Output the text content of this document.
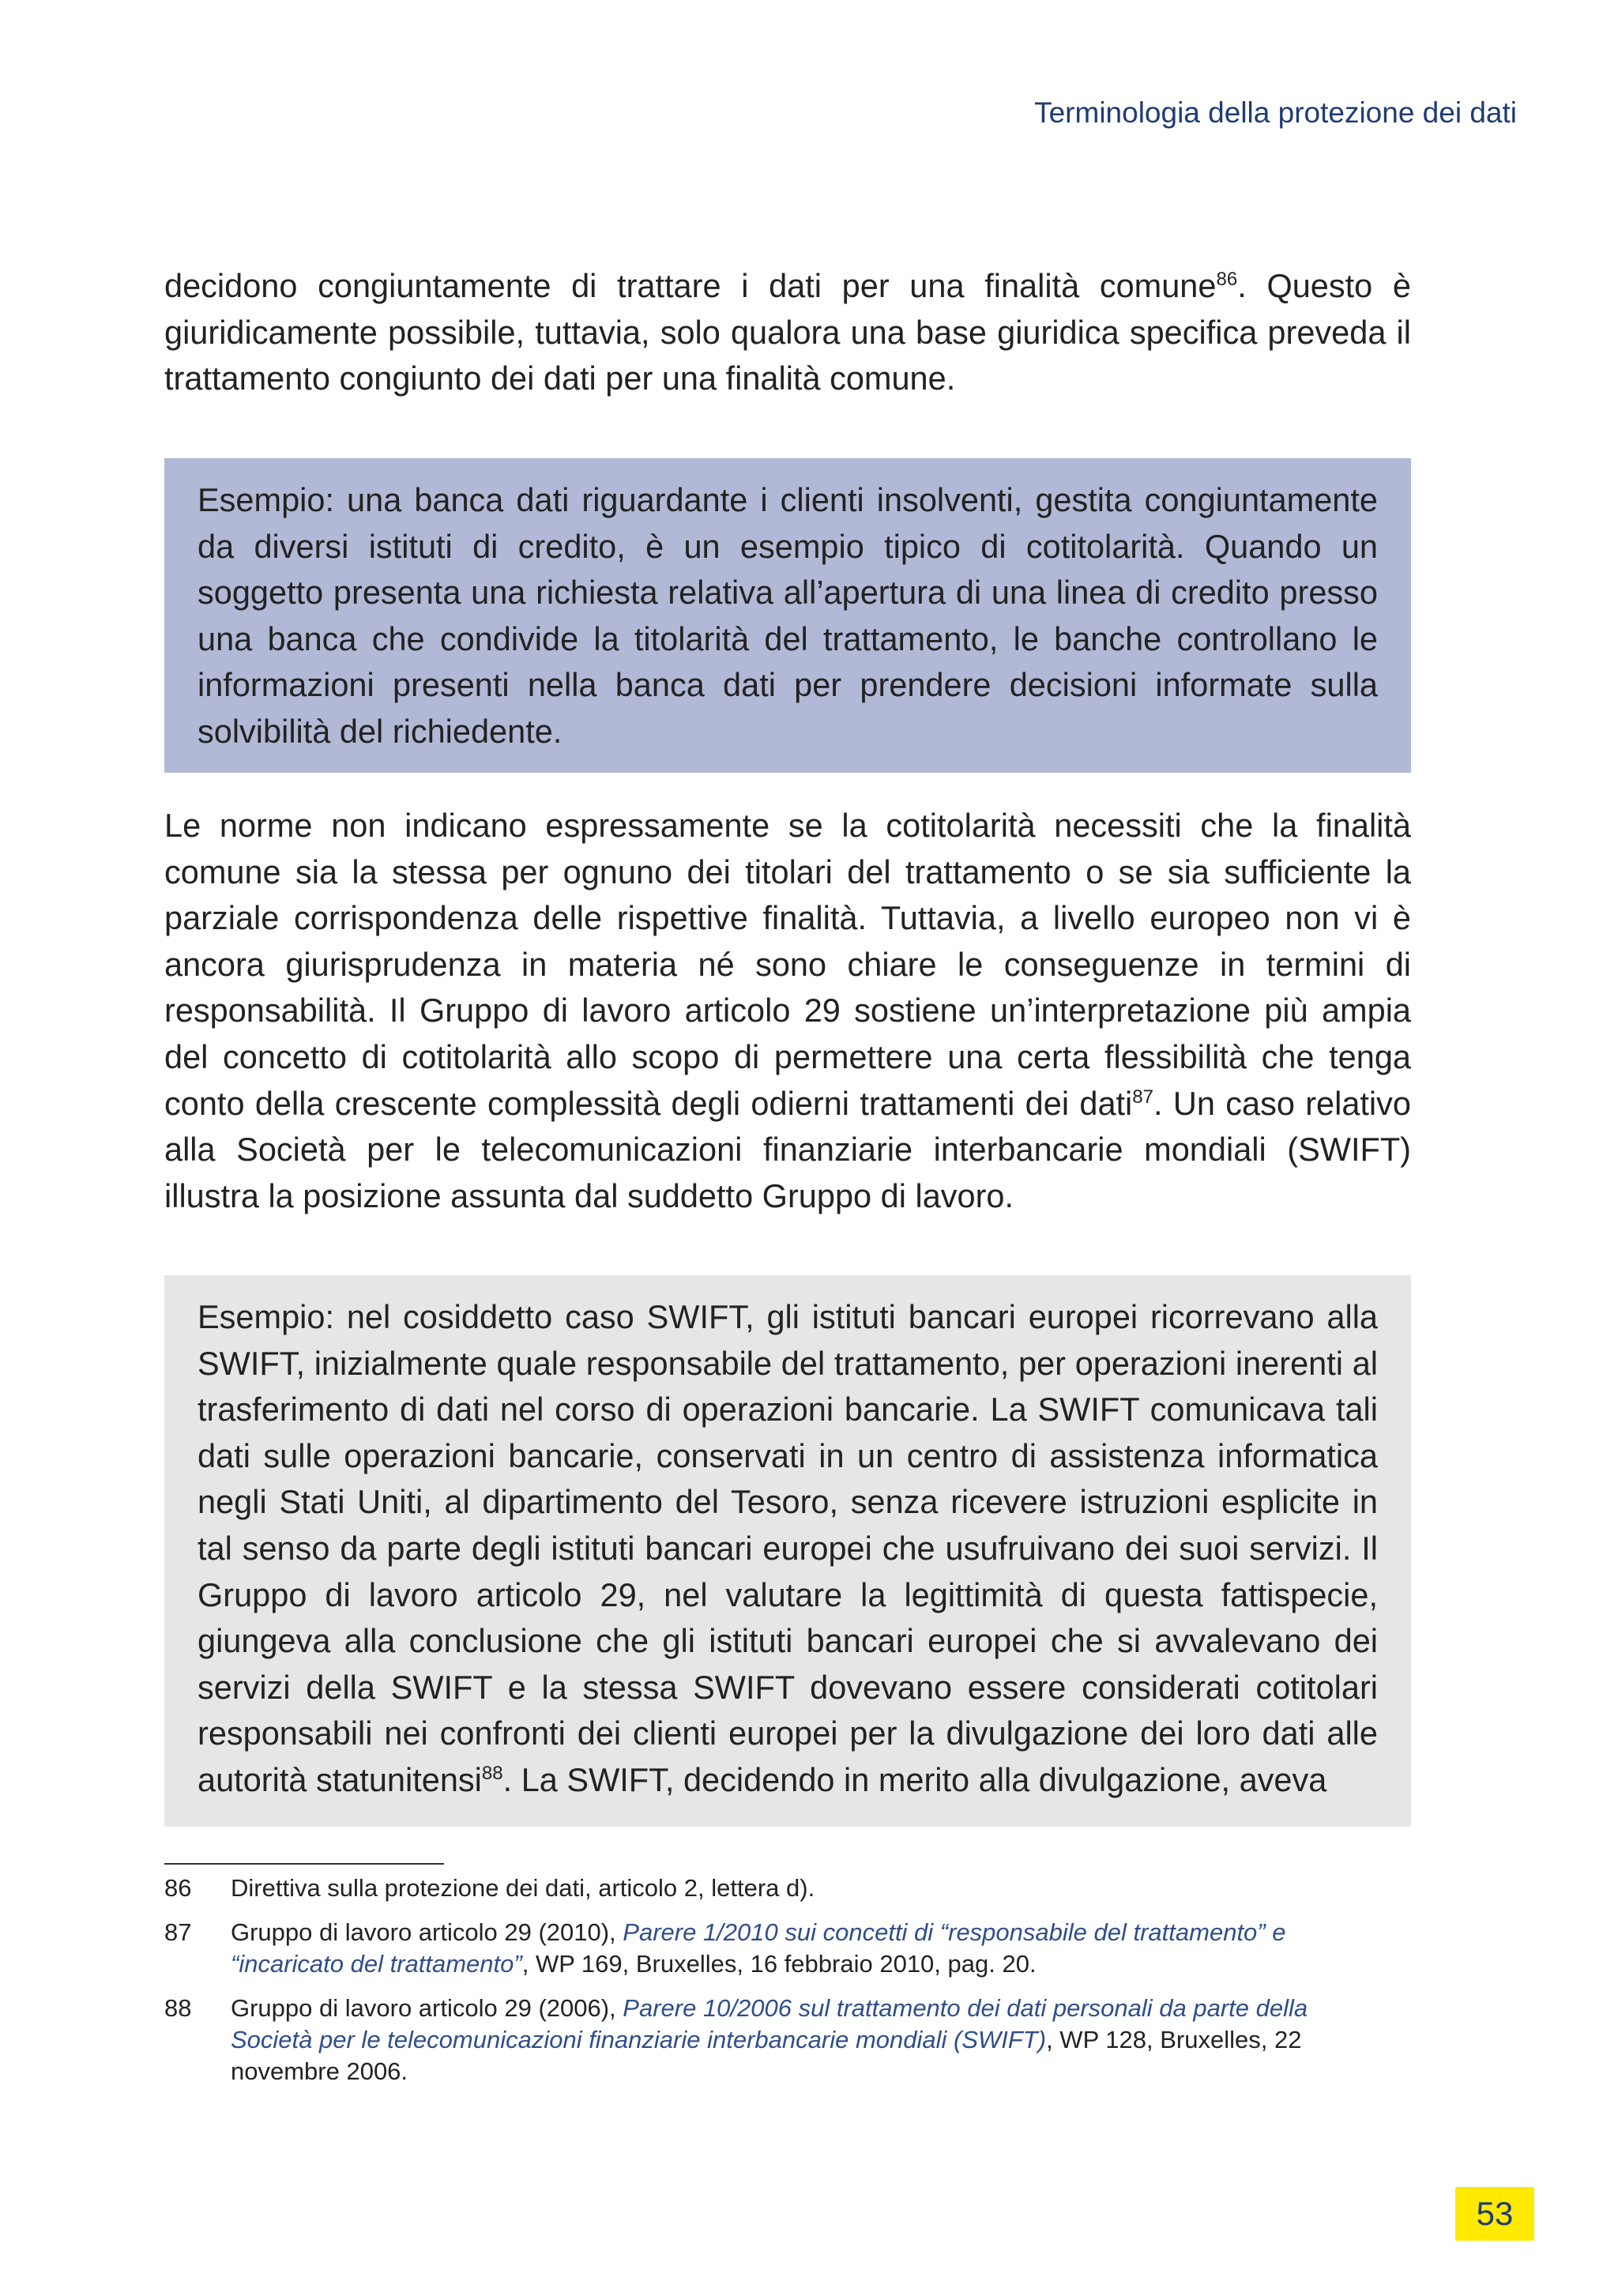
Terminologia della protezione dei dati

decidono congiuntamente di trattare i dati per una finalità comune$^{86}$. Questo è giuridicamente possibile, tuttavia, solo qualora una base giuridica specifica preveda il trattamento congiunto dei dati per una finalità comune.

Esempio: una banca dati riguardante i clienti insolventi, gestita congiuntamente da diversi istituti di credito, è un esempio tipico di cotitolarità. Quando un soggetto presenta una richiesta relativa all’apertura di una linea di credito presso una banca che condivide la titolarità del trattamento, le banche controllano le informazioni presenti nella banca dati per prendere decisioni informate sulla solvibilità del richiedente.

Le norme non indicano espressamente se la cotitolarità necessiti che la finalità comune sia la stessa per ognuno dei titolari del trattamento o se sia sufficiente la parziale corrispondenza delle rispettive finalità. Tuttavia, a livello europeo non vi è ancora giurisprudenza in materia né sono chiare le conseguenze in termini di responsabilità. Il Gruppo di lavoro articolo 29 sostiene un’interpretazione più ampia del concetto di cotitolarità allo scopo di permettere una certa flessibilità che tenga conto della crescente complessità degli odierni trattamenti dei dati$^{87}$. Un caso relativo alla Società per le telecomunicazioni finanziarie interbancarie mondiali (SWIFT) illustra la posizione assunta dal suddetto Gruppo di lavoro.

Esempio: nel cosiddetto caso SWIFT, gli istituti bancari europei ricorrevano alla SWIFT, inizialmente quale responsabile del trattamento, per operazioni inerenti al trasferimento di dati nel corso di operazioni bancarie. La SWIFT comunicava tali dati sulle operazioni bancarie, conservati in un centro di assistenza informatica negli Stati Uniti, al dipartimento del Tesoro, senza ricevere istruzioni esplicite in tal senso da parte degli istituti bancari europei che usufruivano dei suoi servizi. Il Gruppo di lavoro articolo 29, nel valutare la legittimità di questa fattispecie, giungeva alla conclusione che gli istituti bancari europei che si avvalevano dei servizi della SWIFT e la stessa SWIFT dovevano essere considerati cotitolari responsabili nei confronti dei clienti europei per la divulgazione dei loro dati alle autorità statunitensi$^{88}$. La SWIFT, decidendo in merito alla divulgazione, aveva

86	Direttiva sulla protezione dei dati, articolo 2, lettera d).
87	Gruppo di lavoro articolo 29 (2010), Parere 1/2010 sui concetti di “responsabile del trattamento” e “incaricato del trattamento”, WP 169, Bruxelles, 16 febbraio 2010, pag. 20.
88	Gruppo di lavoro articolo 29 (2006), Parere 10/2006 sul trattamento dei dati personali da parte della Società per le telecomunicazioni finanziarie interbancarie mondiali (SWIFT), WP 128, Bruxelles, 22 novembre 2006.
53
